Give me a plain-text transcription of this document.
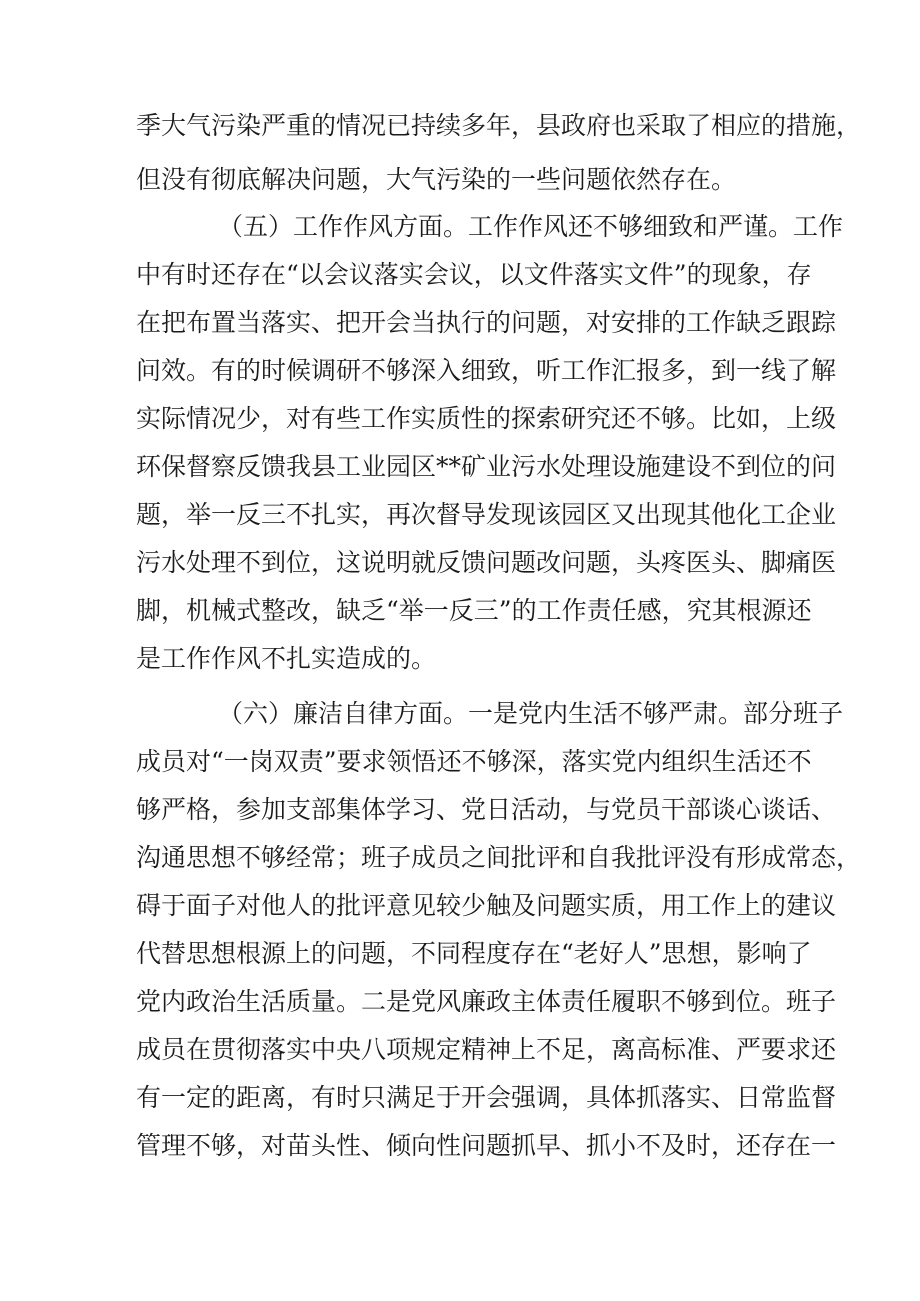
季大气污染严重的情况已持续多年，县政府也采取了相应的措施，
但没有彻底解决问题，大气污染的一些问题依然存在。
（五）工作作风方面。工作作风还不够细致和严谨。工作
中有时还存在“以会议落实会议，以文件落实文件”的现象，存
在把布置当落实、把开会当执行的问题，对安排的工作缺乏跟踪
问效。有的时候调研不够深入细致，听工作汇报多，到一线了解
实际情况少，对有些工作实质性的探索研究还不够。比如，上级
环保督察反馈我县工业园区**矿业污水处理设施建设不到位的问
题，举一反三不扎实，再次督导发现该园区又出现其他化工企业
污水处理不到位，这说明就反馈问题改问题，头疼医头、脚痛医
脚，机械式整改，缺乏“举一反三”的工作责任感，究其根源还
是工作作风不扎实造成的。
（六）廉洁自律方面。一是党内生活不够严肃。部分班子
成员对“一岗双责”要求领悟还不够深，落实党内组织生活还不
够严格，参加支部集体学习、党日活动，与党员干部谈心谈话、
沟通思想不够经常；班子成员之间批评和自我批评没有形成常态，
碍于面子对他人的批评意见较少触及问题实质，用工作上的建议
代替思想根源上的问题，不同程度存在“老好人”思想，影响了
党内政治生活质量。二是党风廉政主体责任履职不够到位。班子
成员在贯彻落实中央八项规定精神上不足，离高标准、严要求还
有一定的距离，有时只满足于开会强调，具体抓落实、日常监督
管理不够，对苗头性、倾向性问题抓早、抓小不及时，还存在一
